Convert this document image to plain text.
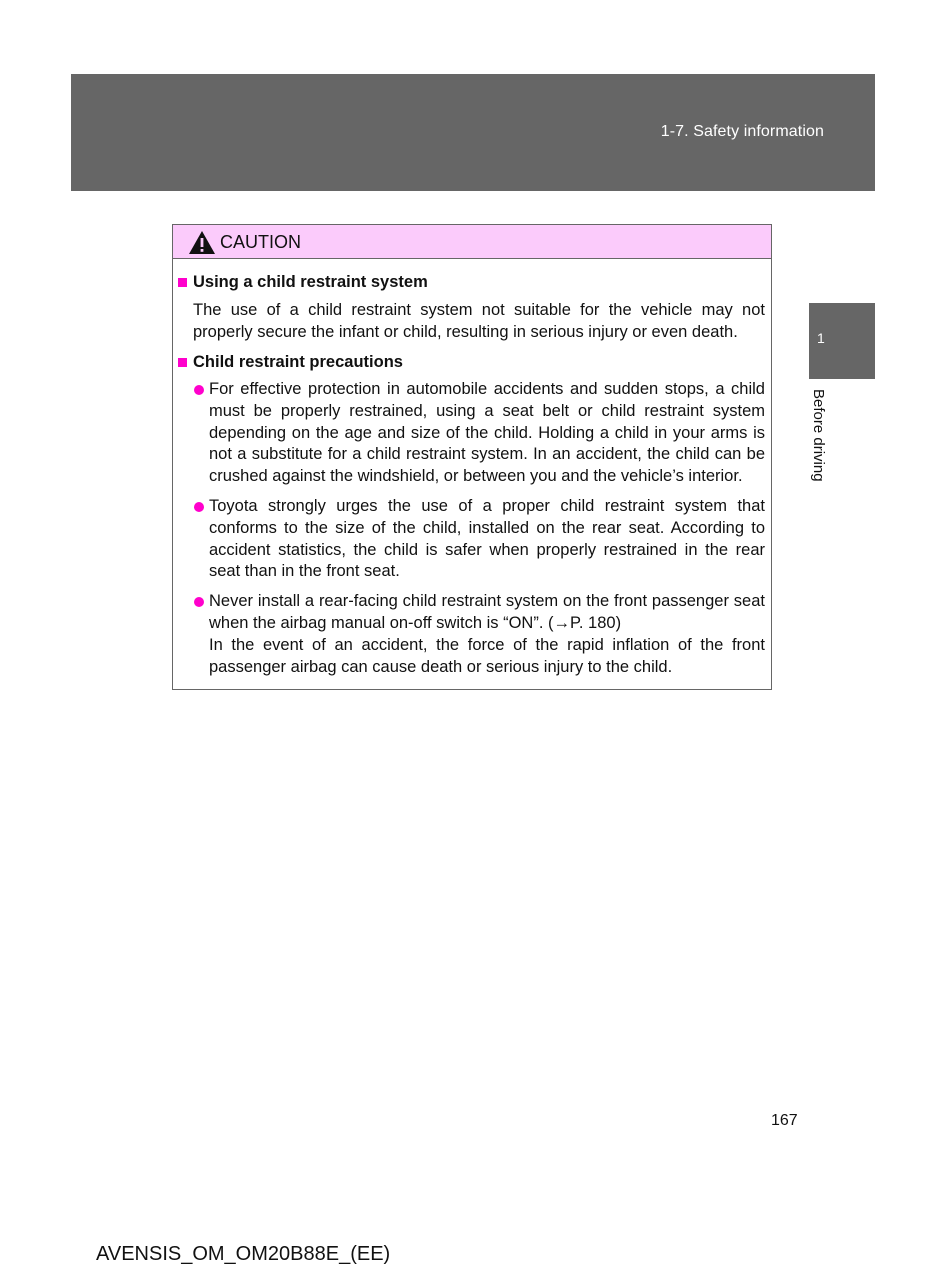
1-7. Safety information
1
Before driving
CAUTION
Using a child restraint system

The use of a child restraint system not suitable for the vehicle may not properly secure the infant or child, resulting in serious injury or even death.

Child restraint precautions
For effective protection in automobile accidents and sudden stops, a child must be properly restrained, using a seat belt or child restraint system depending on the age and size of the child. Holding a child in your arms is not a substitute for a child restraint system. In an accident, the child can be crushed against the windshield, or between you and the vehicle’s interior.
Toyota strongly urges the use of a proper child restraint system that conforms to the size of the child, installed on the rear seat. According to accident statistics, the child is safer when properly restrained in the rear seat than in the front seat.
Never install a rear-facing child restraint system on the front passenger seat when the airbag manual on-off switch is “ON”. (→P. 180)
In the event of an accident, the force of the rapid inflation of the front passenger airbag can cause death or serious injury to the child.
167
AVENSIS_OM_OM20B88E_(EE)
